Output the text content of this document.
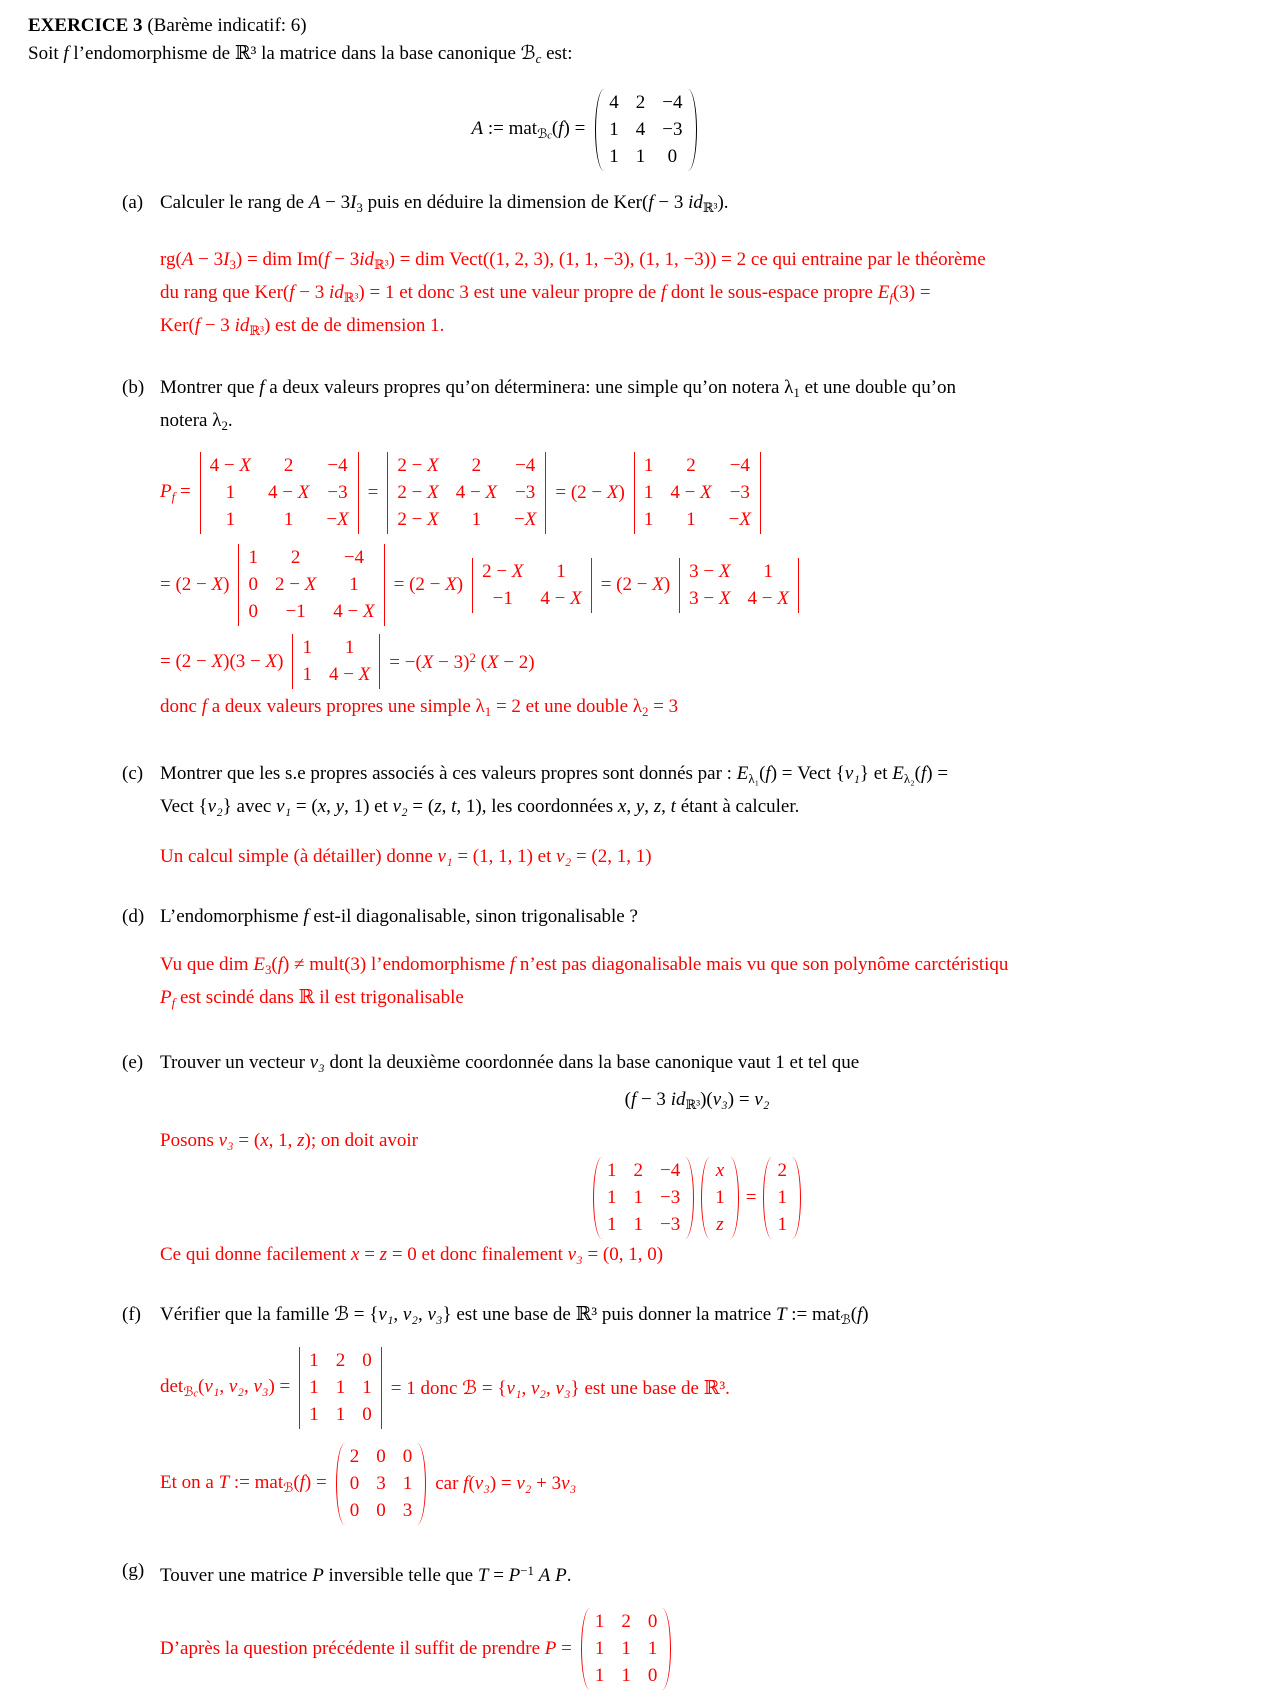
EXERCICE 3 (Barème indicatif: 6)
Soit f l’endomorphisme de ℝ³ la matrice dans la base canonique ℬ$_c$ est:
A := mat$_{ℬc}$(f) =
4 2 −4
1 4 −3
1 1 0
(a) Calculer le rang de $A - 3I_3$ puis en déduire la dimension de Ker(f − 3 $id_{ℝ^3}$).
$rg(A - 3I_3)$ = dim $Im(f - 3id_{ℝ^3})$ = dim Vect((1, 2, 3), (1, 1, −3), (1, 1, −3)) = 2 ce qui entraine par le théorème
du rang que Ker(f − 3 $id_{ℝ^3}) = 1$ et donc 3 est une valeur propre de f dont le sous-espace propre $E_f(3)$ =
Ker(f − 3 $id_{ℝ^3}$) est de de dimension 1.
(b) Montrer que f a deux valeurs propres qu’on déterminera: une simple qu’on notera $\lambda_1$ et une double qu’on
notera $\lambda_2$.
$P_f$ =
4 − X 2 −4
1 4 − X −3
1	1 −X
=
2 − X 2 −4
2 − X 4 − X −3
2 − X 1 −X
= (2 − X)
1 2 −4
1 4 − X −3
1 1 −X
= (2 − X)
1 2 −4
0 2 − X 1
0 −1 4 − X
= (2 − X)
2 − X 1
−1 4 − X
= (2 − X)
3 − X 1
3 − X 4 − X
= (2 − X)(3 − X)
1 1
1 4 − X
= $-(X - 3)^2$ (X − 2)
donc f a deux valeurs propres une simple $\lambda_1 = 2$ et une double $\lambda_2 = 3$
(c) Montrer que les s.e propres associés à ces valeurs propres sont donnés par : $E_{\lambda_1}(f)$ = Vect {v₁} et $E_{\lambda_2}(f)$ =
Vect {v₂} avec v₁ = (x, y, 1) et v₂ = (z, t, 1), les coordonnées x, y, z, t étant à calculer.
Un calcul simple (à détailler) donne v₁ = (1, 1, 1) et v₂ = (2, 1, 1)
(d) L’endomorphisme f est-il diagonalisable, sinon trigonalisable ?
Vu que dim $E_3(f)$ ≠ mult(3) l’endomorphisme f n’est pas diagonalisable mais vu que son polynôme carctéristiqu
$P_f$ est scindé dans ℝ il est trigonalisable
(e) Trouver un vecteur v₃ dont la deuxième coordonnée dans la base canonique vaut 1 et tel que
(f − 3 $id_{ℝ^3})(v_3) = v_2$
Posons v₃ = (x, 1, z); on doit avoir
1 2 −4
1 1 −3
1 1 −3
x
1
z
=
2
1
1
Ce qui donne facilement x = z = 0 et donc finalement v₃ = (0, 1, 0)
(f)	Vérifier que la famille ℬ = {v₁, v₂, v₃} est une base de ℝ³ puis donner la matrice T := mat$_ℬ$(f)
$\det_{ℬc}(v_1$, v₂, v₃) =
1 2 0
1 1 1
1 1 0
= 1 donc ℬ = {v₁, v₂, v₃} est une base de ℝ³.
Et on a T := mat$_ℬ$(f) =
2 0 0
0 3 1
0 0 3
car f(v₃) = v₂ + 3v₃
(g) Touver une matrice P inversible telle que $T = P^{-1}$ A P.
D’après la question précédente il suffit de prendre P =
1 2 0
1 1 1
1 1 0
